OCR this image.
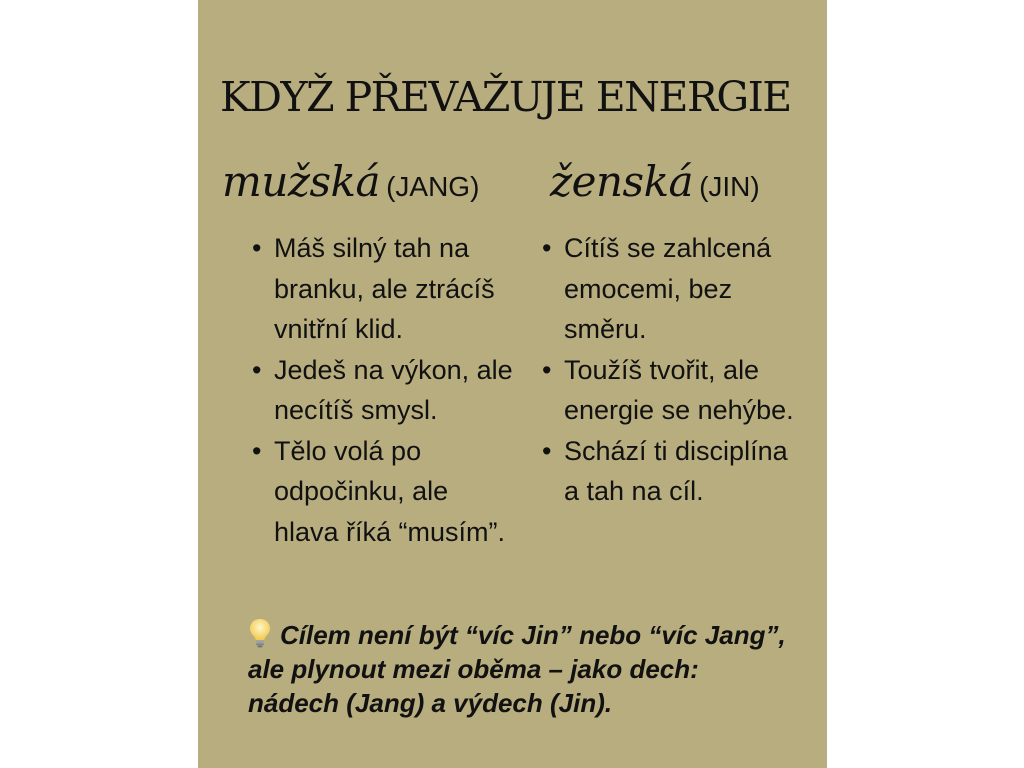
KDYŽ PŘEVAŽUJE ENERGIE
mužská (JANG) ženská (JIN)
• Máš silný tah na branku, ale ztrácíš vnitřní klid.
• Jedeš na výkon, ale necítíš smysl.
• Tělo volá po odpočinku, ale hlava říká “musím”.
• Cítíš se zahlcená emocemi, bez směru.
• Toužíš tvořit, ale energie se nehýbe.
• Schází ti disciplína a tah na cíl.

Cílem není být “víc Jin” nebo “víc Jang”, ale plynout mezi oběma – jako dech: nádech (Jang) a výdech (Jin).
